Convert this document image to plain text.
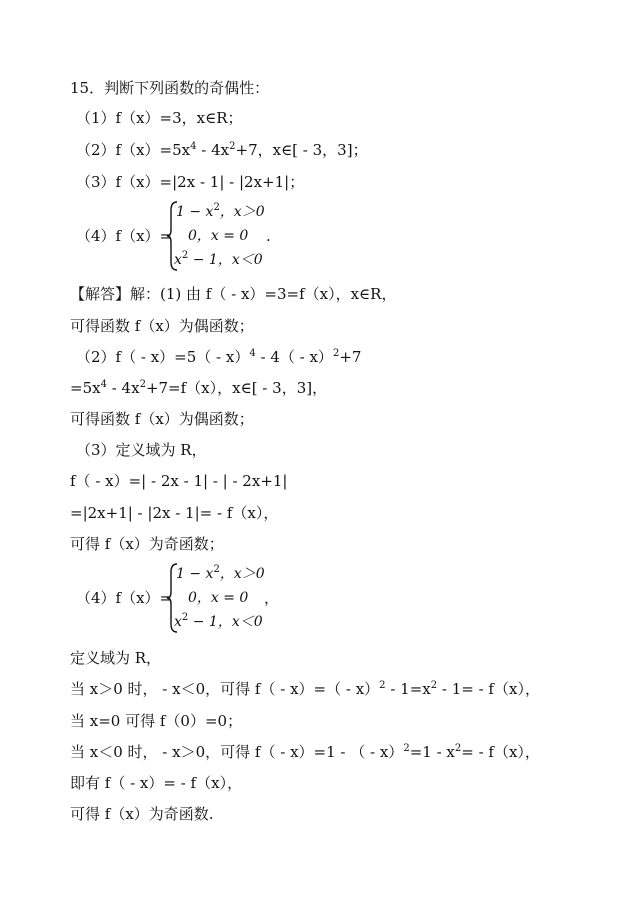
15．判断下列函数的奇偶性：
（1）f（x）=3，x∈R；
$(2)f(x)=5x^4 - 4x^2+7$，x∈[ - 3，3]；
（3）f（x）=|2x - 1| - |2x+1|；
（4）f（x）=
$1 - x^2$，x＞0
0，x = 0
$x^2 - 1$，x＜0
.
【解答】解：(1) 由 f（ - x）=3=f（x），x∈R，
可得函数 f（x）为偶函数；
（2）f（ - x）=5（ - x）$^4$ - 4（ - x）$^2$+7
$=5x^4 - 4x^2+7=f(x)$，x∈[ - 3，3]，
可得函数 f（x）为偶函数；
（3）定义域为 R，
f（ - x）=| - 2x - 1| - | - 2x+1|
=|2x+1| - |2x - 1|= - f（x），
可得 f（x）为奇函数；
（4）f（x）=
$1 - x^2$，x＞0
0，x = 0
$x^2 - 1$，x＜0
，
定义域为 R，
当 x＞0 时， - x＜0，可得 $f( - x)=( - x)^2 - 1=x^2 - 1= - f(x)$，
当 x=0 可得 f（0）=0；
当 x＜0 时， - x＞0，可得 f（ - x）=1 - （ - $x)^2=1 - x^2= - f(x)$，
即有 f（ - x）= - f（x），
可得 f（x）为奇函数.
